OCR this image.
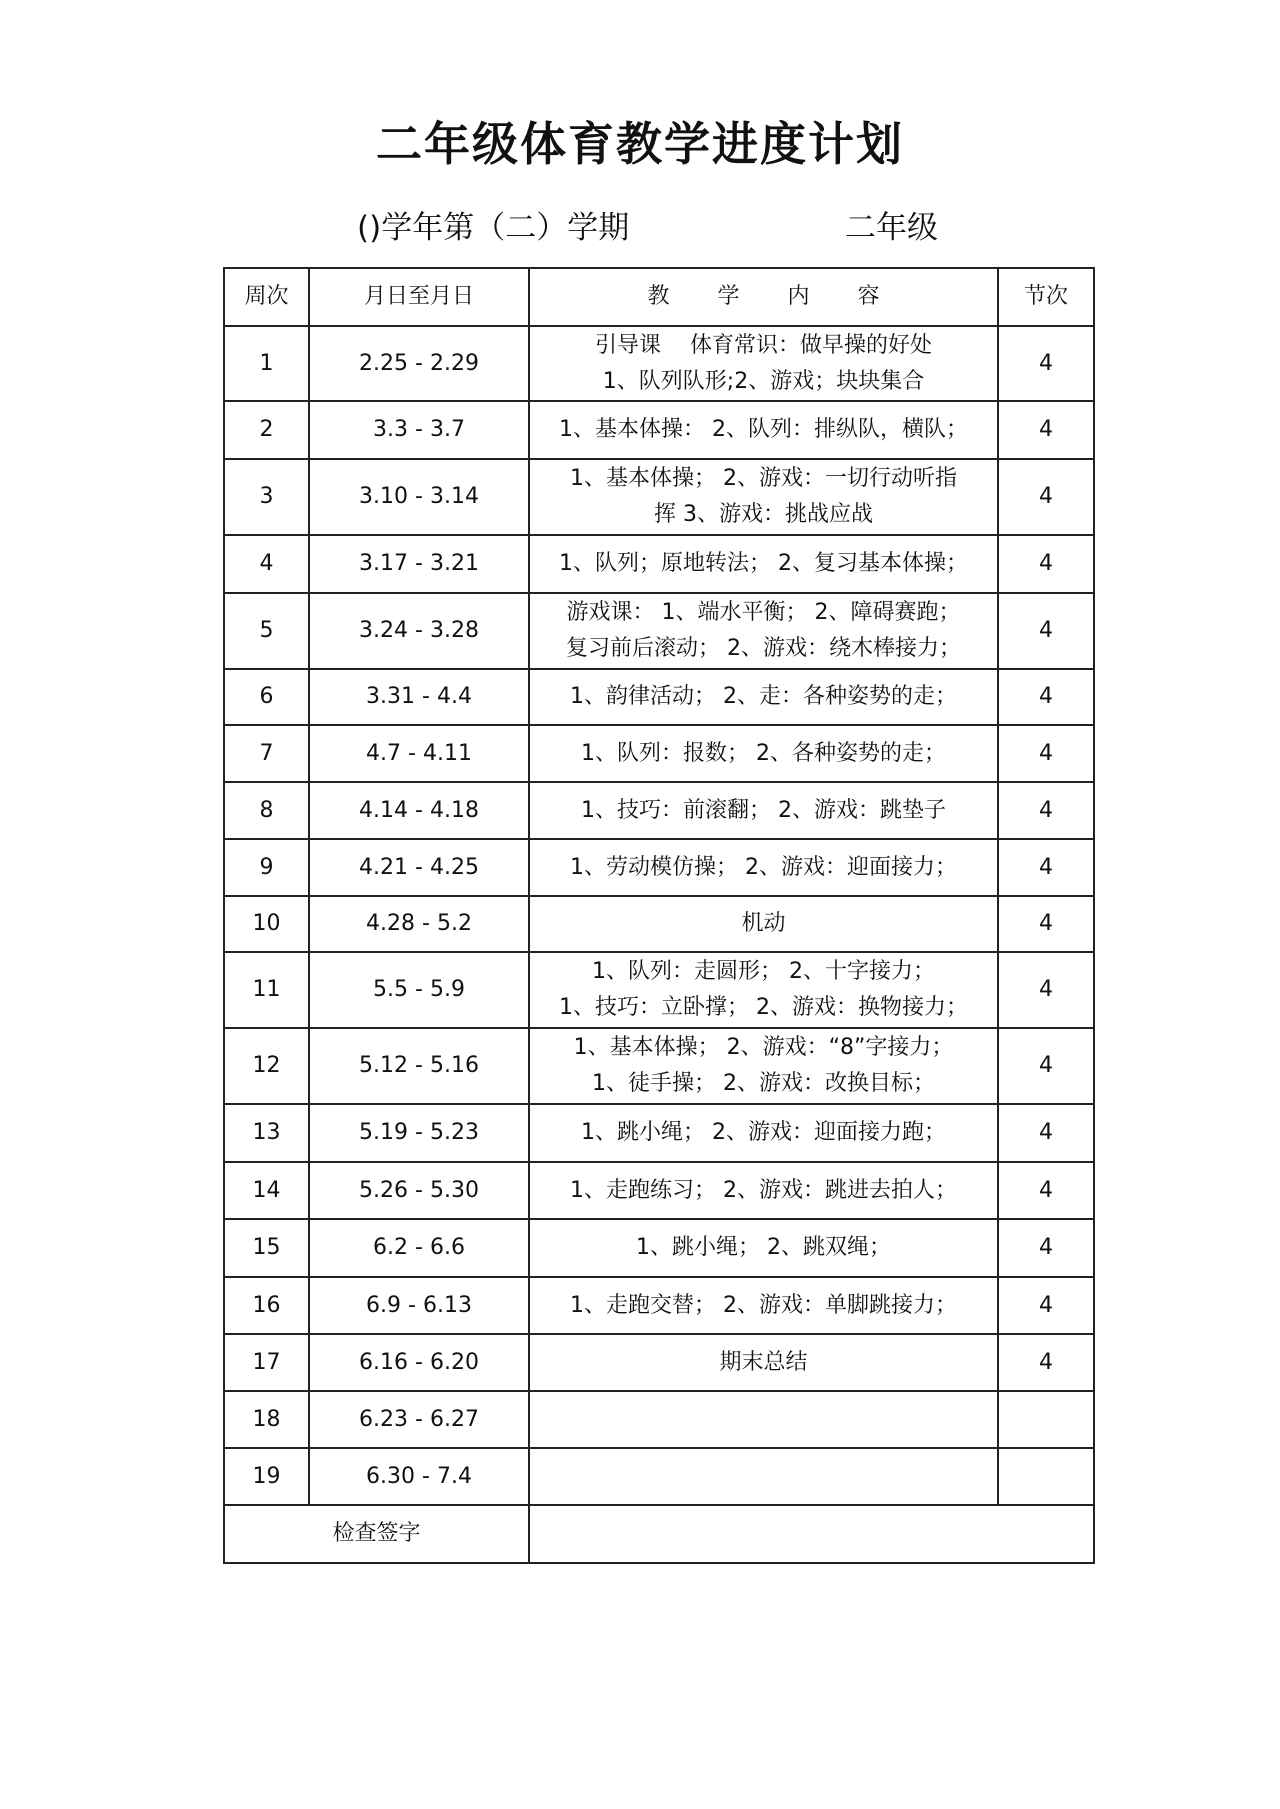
二年级体育教学进度计划
()学年第（二）学期	二年级
周次	月日至月日	教 学 内 容	节次
1	2.25 - 2.29	引导课　 体育常识：做早操的好处
1、队列队形;2、游戏；块块集合	4
2	3.3 - 3.7	1、基本体操： 2、队列：排纵队，横队；	4
3	3.10 - 3.14	1、基本体操； 2、游戏：一切行动听指
挥 3、游戏：挑战应战	4
4	3.17 - 3.21	1、队列；原地转法； 2、复习基本体操；	4
5	3.24 - 3.28	游戏课： 1、端水平衡； 2、障碍赛跑；
复习前后滚动； 2、游戏：绕木棒接力；	4
6	3.31 - 4.4	1、韵律活动； 2、走：各种姿势的走；	4
7	4.7 - 4.11	1、队列：报数； 2、各种姿势的走；	4
8	4.14 - 4.18	1、技巧：前滚翻； 2、游戏：跳垫子	4
9	4.21 - 4.25	1、劳动模仿操； 2、游戏：迎面接力；	4
10	4.28 - 5.2	机动	4
11	5.5 - 5.9	1、队列：走圆形； 2、十字接力；
1、技巧：立卧撑； 2、游戏：换物接力；	4
12	5.12 - 5.16	1、基本体操； 2、游戏：“8”字接力；
1、徒手操； 2、游戏：改换目标；	4
13	5.19 - 5.23	1、跳小绳； 2、游戏：迎面接力跑；	4
14	5.26 - 5.30	1、走跑练习； 2、游戏：跳进去拍人；	4
15	6.2 - 6.6	1、跳小绳； 2、跳双绳；	4
16	6.9 - 6.13	1、走跑交替； 2、游戏：单脚跳接力；	4
17	6.16 - 6.20	期末总结	4
18	6.23 - 6.27	

19	6.30 - 7.4	

检查签字			
